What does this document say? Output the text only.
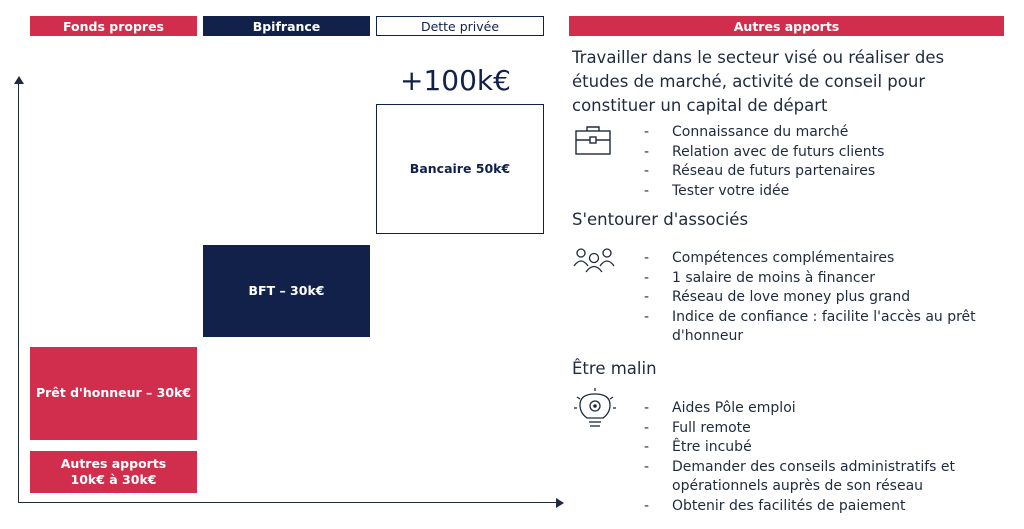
Fonds propres	Bpifrance	Dette privée	Autres apports
+100k€
Bancaire 50k€
BFT – 30k€
Prêt d'honneur – 30k€
Autres apports
10k€ à 30k€
Travailler dans le secteur visé ou réaliser des études de marché, activité de conseil pour constituer un capital de départ
- Connaissance du marché
- Relation avec de futurs clients
- Réseau de futurs partenaires
- Tester votre idée
S'entourer d'associés
- Compétences complémentaires
- 1 salaire de moins à financer
- Réseau de love money plus grand
- Indice de confiance : facilite l'accès au prêt
d'honneur
Être malin
- Aides Pôle emploi
- Full remote
- Être incubé
- Demander des conseils administratifs et
opérationnels auprès de son réseau
- Obtenir des facilités de paiement
